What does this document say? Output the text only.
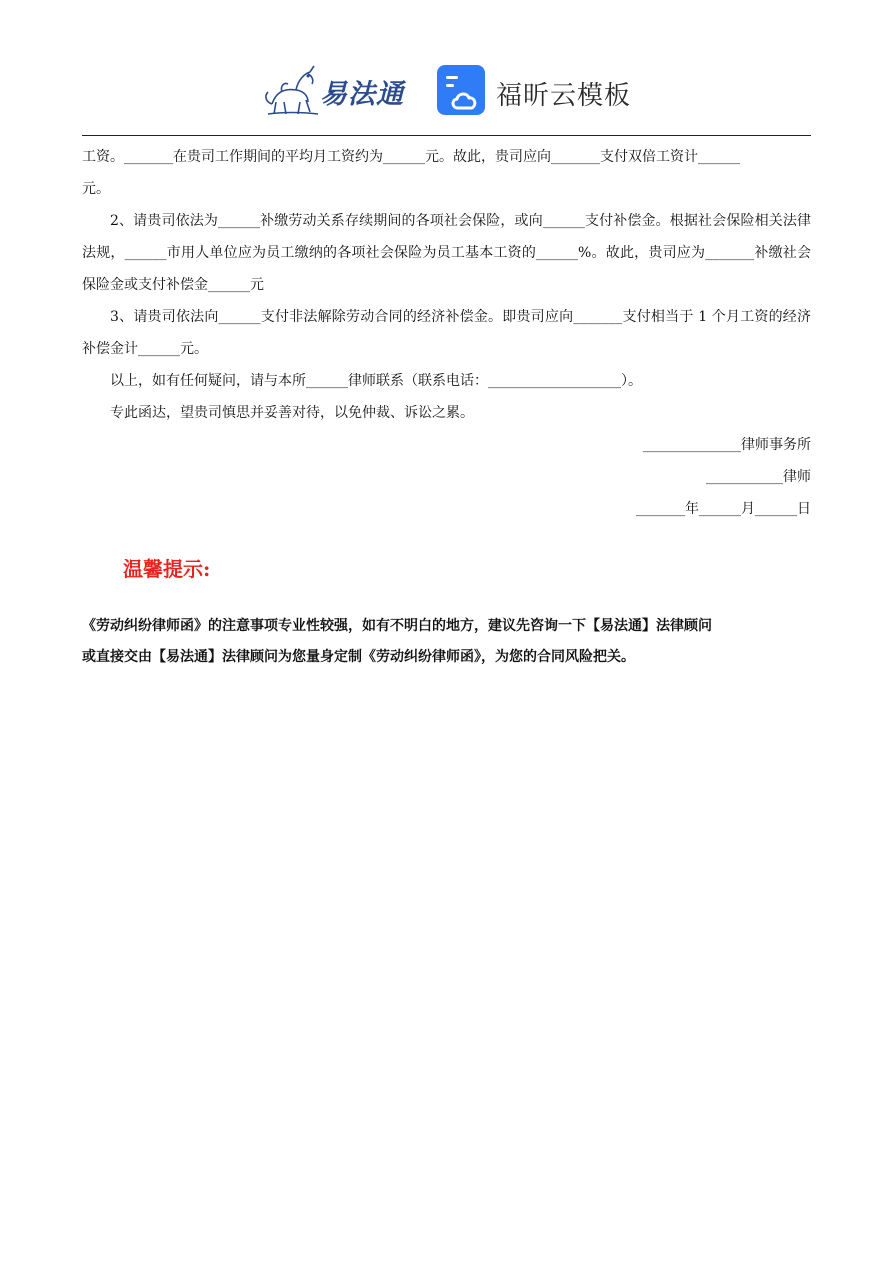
易法通	福昕云模板

工资。_______在贵司工作期间的平均月工资约为______元。故此，贵司应向_______支付双倍工资计______

元。

2、请贵司依法为______补缴劳动关系存续期间的各项社会保险，或向______支付补偿金。根据社会保险相关法律法规，______市用人单位应为员工缴纳的各项社会保险为员工基本工资的______%。故此，贵司应为_______补缴社会保险金或支付补偿金______元

3、请贵司依法向______支付非法解除劳动合同的经济补偿金。即贵司应向_______支付相当于 1 个月工资的经济补偿金计______元。

以上，如有任何疑问，请与本所______律师联系（联系电话：___________________）。

专此函达，望贵司慎思并妥善对待，以免仲裁、诉讼之累。

______________律师事务所

___________律师

_______年______月______日

温馨提示:

《劳动纠纷律师函》的注意事项专业性较强，如有不明白的地方，建议先咨询一下【易法通】法律顾问

或直接交由【易法通】法律顾问为您量身定制《劳动纠纷律师函》，为您的合同风险把关。
